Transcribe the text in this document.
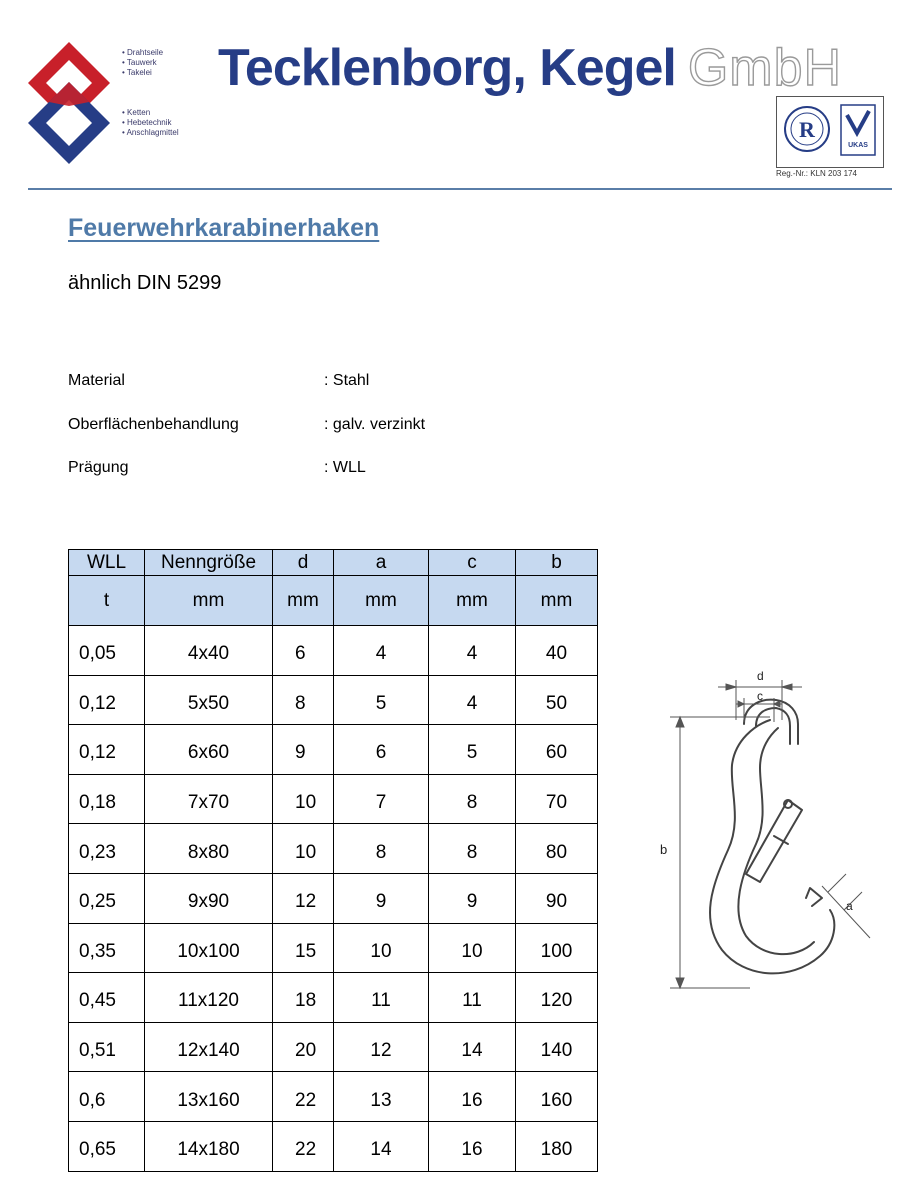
• Drahtseile
• Tauwerk
• Takelei
• Ketten
• Hebetechnik
• Anschlagmittel
Tecklenborg, Kegel GmbH
R
UKAS
Reg.-Nr.: KLN 203 174
Feuerwehrkarabinerhaken
ähnlich DIN 5299
Material	: Stahl
Oberflächenbehandlung	: galv. verzinkt
Prägung	: WLL
WLL	Nenngröße	d	a	c	b
t	mm	mm	mm	mm	mm
0,05	4x40	6	4	4	40
0,12	5x50	8	5	4	50
0,12	6x60	9	6	5	60
0,18	7x70	10	7	8	70
0,23	8x80	10	8	8	80
0,25	9x90	12	9	9	90
0,35	10x100	15	10	10	100
0,45	11x120	18	11	11	120
0,51	12x140	20	12	14	140
0,6	13x160	22	13	16	160
0,65	14x180	22	14	16	180
d
c
b
a
